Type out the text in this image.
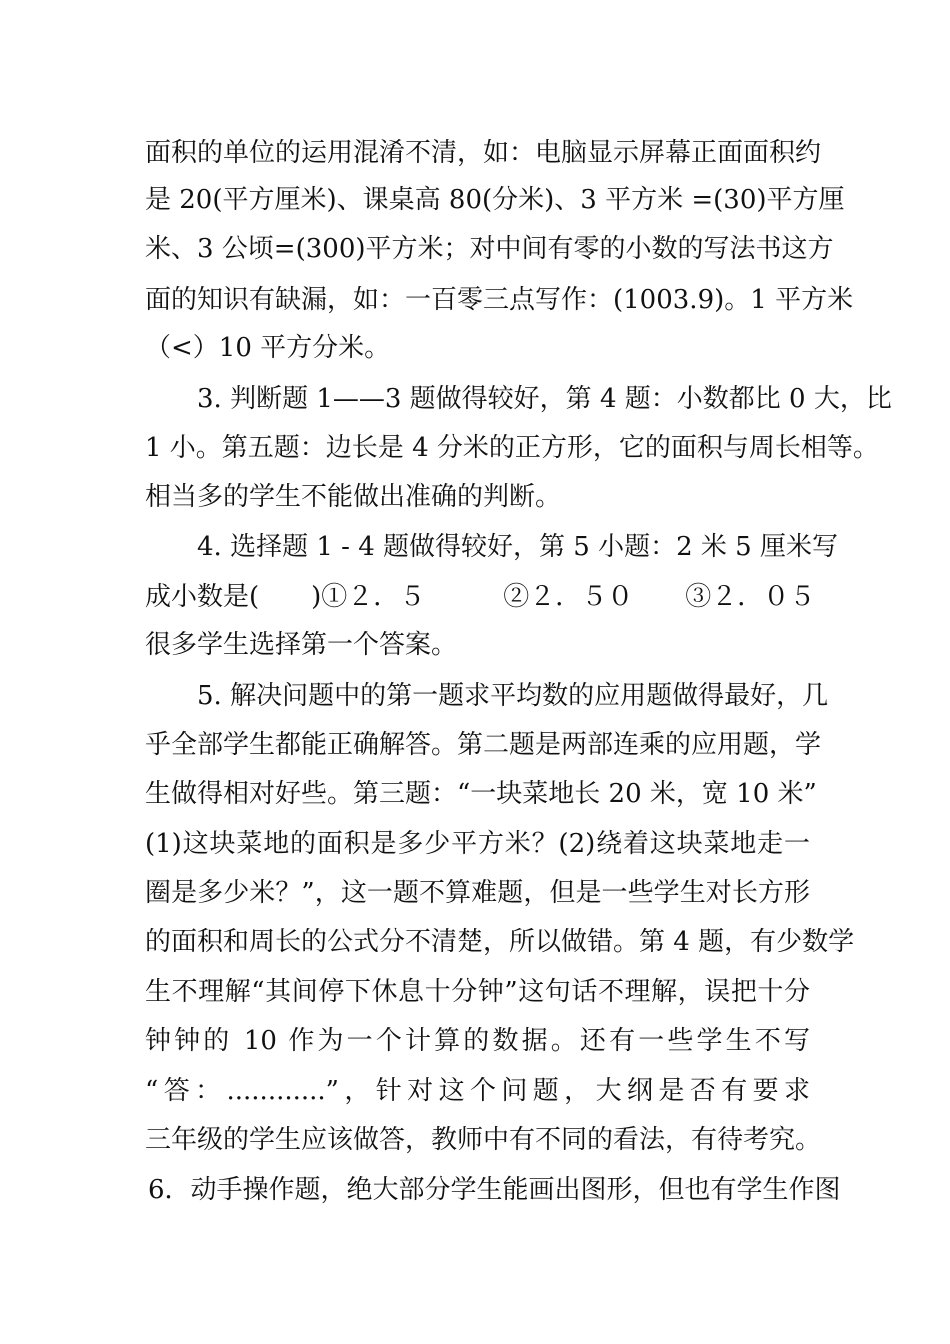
面积的单位的运用混淆不清，如：电脑显示屏幕正面面积约
是 20(平方厘米)、课桌高 80(分米)、3 平方米 =(30)平方厘
米、3 公顷=(300)平方米；对中间有零的小数的写法书这方
面的知识有缺漏，如：一百零三点写作：(1003.9)。1 平方米
（<）10 平方分米。
3. 判断题 1——3 题做得较好，第 4 题：小数都比 0 大，比
1 小。第五题：边长是 4 分米的正方形，它的面积与周长相等。
相当多的学生不能做出准确的判断。
4. 选择题 1 - 4 题做得较好，第 5 小题：2 米 5 厘米写
成小数是(　　)①２．５　　　②２．５０　　③２．０５
很多学生选择第一个答案。
5. 解决问题中的第一题求平均数的应用题做得最好，几
乎全部学生都能正确解答。第二题是两部连乘的应用题，学
生做得相对好些。第三题：“一块菜地长 20 米，宽 10 米”
(1)这块菜地的面积是多少平方米？(2)绕着这块菜地走一
圈是多少米？”，这一题不算难题，但是一些学生对长方形
的面积和周长的公式分不清楚，所以做错。第 4 题，有少数学
生不理解“其间停下休息十分钟”这句话不理解，误把十分
钟钟的 10 作为一个计算的数据。还有一些学生不写
“答：............”，针对这个问题，大纲是否有要求
三年级的学生应该做答，教师中有不同的看法，有待考究。
6．动手操作题，绝大部分学生能画出图形，但也有学生作图
